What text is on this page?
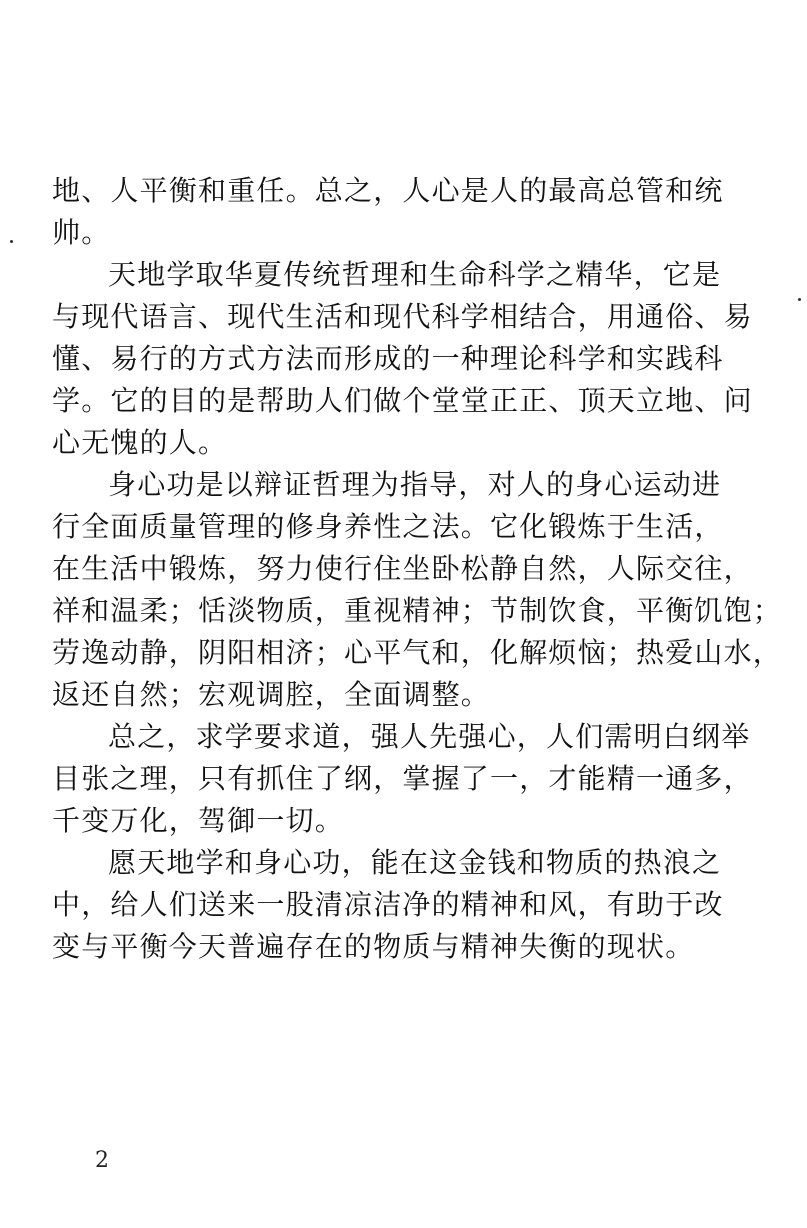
地、人平衡和重任。总之，人心是人的最高总管和统
帅。
天地学取华夏传统哲理和生命科学之精华，它是
与现代语言、现代生活和现代科学相结合，用通俗、易
懂、易行的方式方法而形成的一种理论科学和实践科
学。它的目的是帮助人们做个堂堂正正、顶天立地、问
心无愧的人。
身心功是以辩证哲理为指导，对人的身心运动进
行全面质量管理的修身养性之法。它化锻炼于生活，
在生活中锻炼，努力使行住坐卧松静自然，人际交往，
祥和温柔；恬淡物质，重视精神；节制饮食，平衡饥饱；
劳逸动静，阴阳相济；心平气和，化解烦恼；热爱山水，
返还自然；宏观调腔，全面调整。
总之，求学要求道，强人先强心，人们需明白纲举
目张之理，只有抓住了纲，掌握了一，才能精一通多，
千变万化，驾御一切。
愿天地学和身心功，能在这金钱和物质的热浪之
中，给人们送来一股清凉洁净的精神和风，有助于改
变与平衡今天普遍存在的物质与精神失衡的现状。
2
